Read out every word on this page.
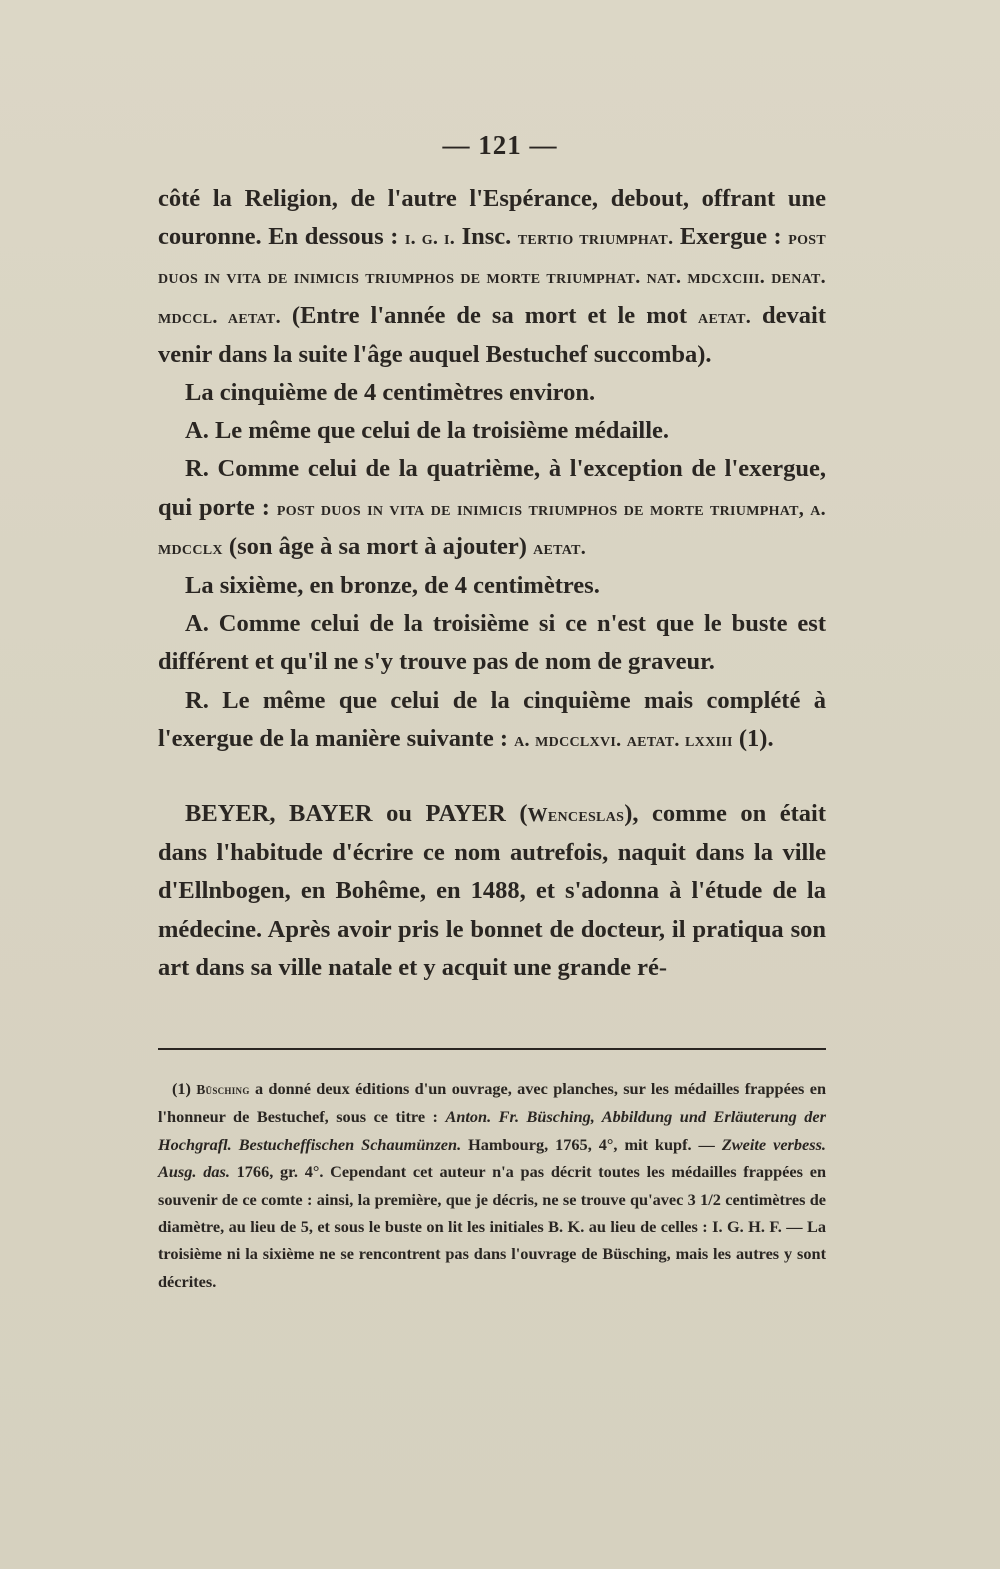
— 121 —

côté la Religion, de l'autre l'Espérance, debout, offrant une couronne. En dessous : i. g. i. Insc. tertio triumphat. Exergue : post duos in vita de inimicis triumphos de morte triumphat. nat. mdcxciii. denat. mdccl. aetat. (Entre l'année de sa mort et le mot aetat. devait venir dans la suite l'âge auquel Bestuchef succomba).

La cinquième de 4 centimètres environ.

A. Le même que celui de la troisième médaille.

R. Comme celui de la quatrième, à l'exception de l'exergue, qui porte : post duos in vita de inimicis triumphos de morte triumphat, a. mdcclx (son âge à sa mort à ajouter) aetat.

La sixième, en bronze, de 4 centimètres.

A. Comme celui de la troisième si ce n'est que le buste est différent et qu'il ne s'y trouve pas de nom de graveur.

R. Le même que celui de la cinquième mais complété à l'exergue de la manière suivante : a. mdcclxvi. aetat. lxxiii (1).

BEYER, BAYER ou PAYER (Wenceslas), comme on était dans l'habitude d'écrire ce nom autrefois, naquit dans la ville d'Ellnbogen, en Bohême, en 1488, et s'adonna à l'étude de la médecine. Après avoir pris le bonnet de docteur, il pratiqua son art dans sa ville natale et y acquit une grande ré-

(1) Büsching a donné deux éditions d'un ouvrage, avec planches, sur les médailles frappées en l'honneur de Bestuchef, sous ce titre : Anton. Fr. Büsching, Abbildung und Erläuterung der Hochgrafl. Bestucheffischen Schaumünzen. Hambourg, 1765, 4°, mit kupf. — Zweite verbess. Ausg. das. 1766, gr. 4°. Cependant cet auteur n'a pas décrit toutes les médailles frappées en souvenir de ce comte : ainsi, la première, que je décris, ne se trouve qu'avec 3 1/2 centimètres de diamètre, au lieu de 5, et sous le buste on lit les initiales B. K. au lieu de celles : I. G. H. F. — La troisième ni la sixième ne se rencontrent pas dans l'ouvrage de Büsching, mais les autres y sont décrites.
